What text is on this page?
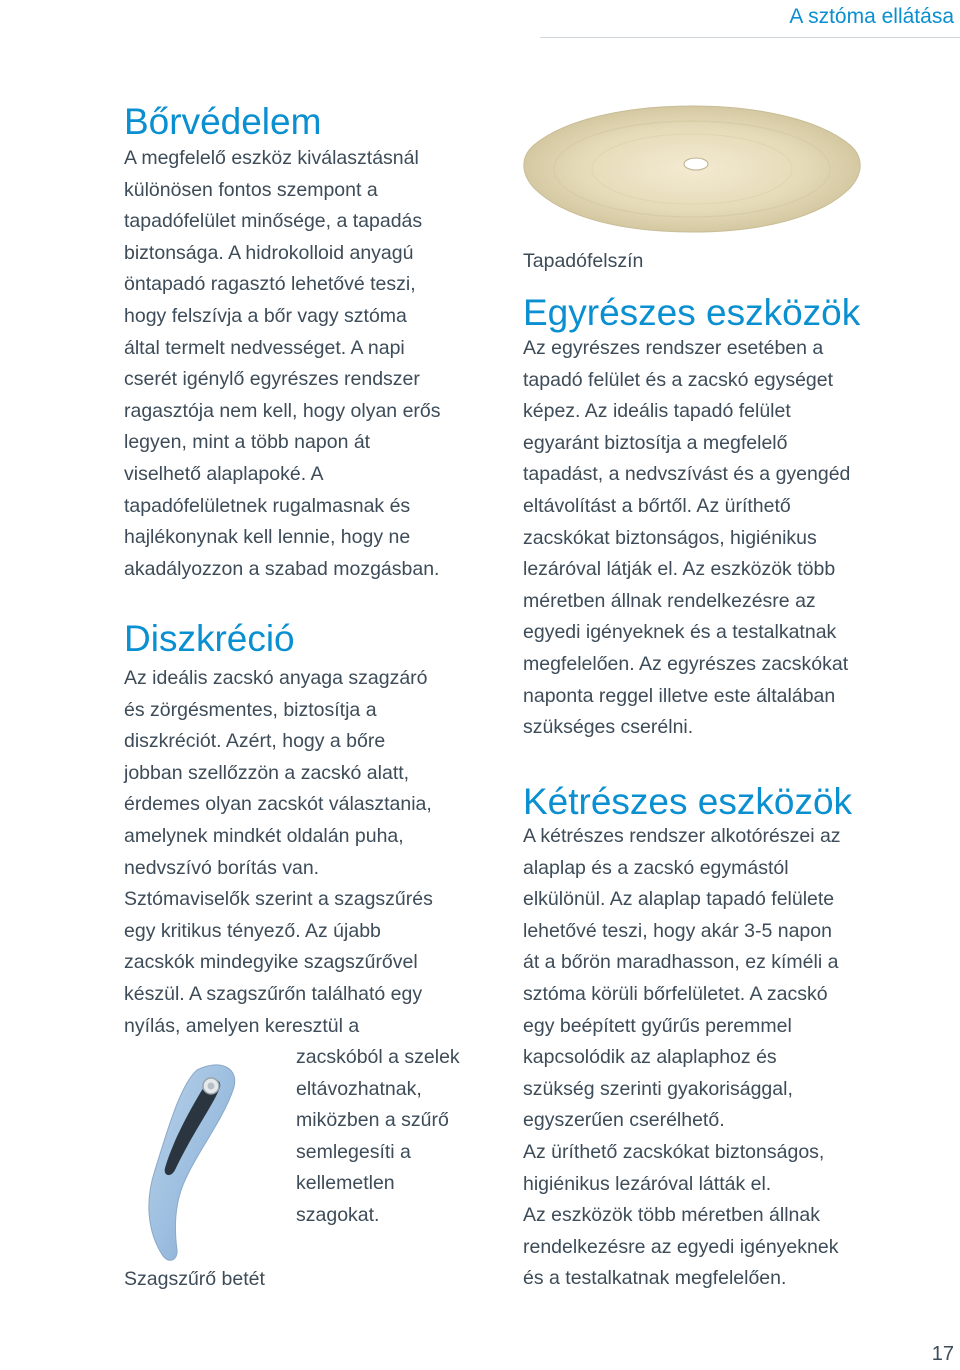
A sztóma ellátása
Bőrvédelem

A megfelelő eszköz kiválasztásnál
különösen fontos szempont a
tapadófelület minősége, a tapadás
biztonsága. A hidrokolloid anyagú
öntapadó ragasztó lehetővé teszi,
hogy felszívja a bőr vagy sztóma
által termelt nedvességet. A napi
cserét igénylő egyrészes rendszer
ragasztója nem kell, hogy olyan erős
legyen, mint a több napon át
viselhető alaplapoké. A
tapadófelületnek rugalmasnak és
hajlékonynak kell lennie, hogy ne
akadályozzon a szabad mozgásban.

Diszkréció

Az ideális zacskó anyaga szagzáró
és zörgésmentes, biztosítja a
diszkréciót. Azért, hogy a bőre
jobban szellőzzön a zacskó alatt,
érdemes olyan zacskót választania,
amelynek mindkét oldalán puha,
nedvszívó borítás van.
Sztómaviselők szerint a szagszűrés
egy kritikus tényező. Az újabb
zacskók mindegyike szagszűrővel
készül. A szagszűrőn található egy
nyílás, amelyen keresztül a

zacskóból a szelek
eltávozhatnak,
miközben a szűrő
semlegesíti a
kellemetlen
szagokat.

Szagszűrő betét
Tapadófelszín
Egyrészes eszközök

Az egyrészes rendszer esetében a
tapadó felület és a zacskó egységet
képez. Az ideális tapadó felület
egyaránt biztosítja a megfelelő
tapadást, a nedvszívást és a gyengéd
eltávolítást a bőrtől. Az üríthető
zacskókat biztonságos, higiénikus
lezáróval látják el. Az eszközök több
méretben állnak rendelkezésre az
egyedi igényeknek és a testalkatnak
megfelelően. Az egyrészes zacskókat
naponta reggel illetve este általában
szükséges cserélni.

Kétrészes eszközök

A kétrészes rendszer alkotórészei az
alaplap és a zacskó egymástól
elkülönül. Az alaplap tapadó felülete
lehetővé teszi, hogy akár 3-5 napon
át a bőrön maradhasson, ez kíméli a
sztóma körüli bőrfelületet. A zacskó
egy beépített gyűrűs peremmel
kapcsolódik az alaplaphoz és
szükség szerinti gyakorisággal,
egyszerűen cserélhető.
Az üríthető zacskókat biztonságos,
higiénikus lezáróval látták el.
Az eszközök több méretben állnak
rendelkezésre az egyedi igényeknek
és a testalkatnak megfelelően.

17
